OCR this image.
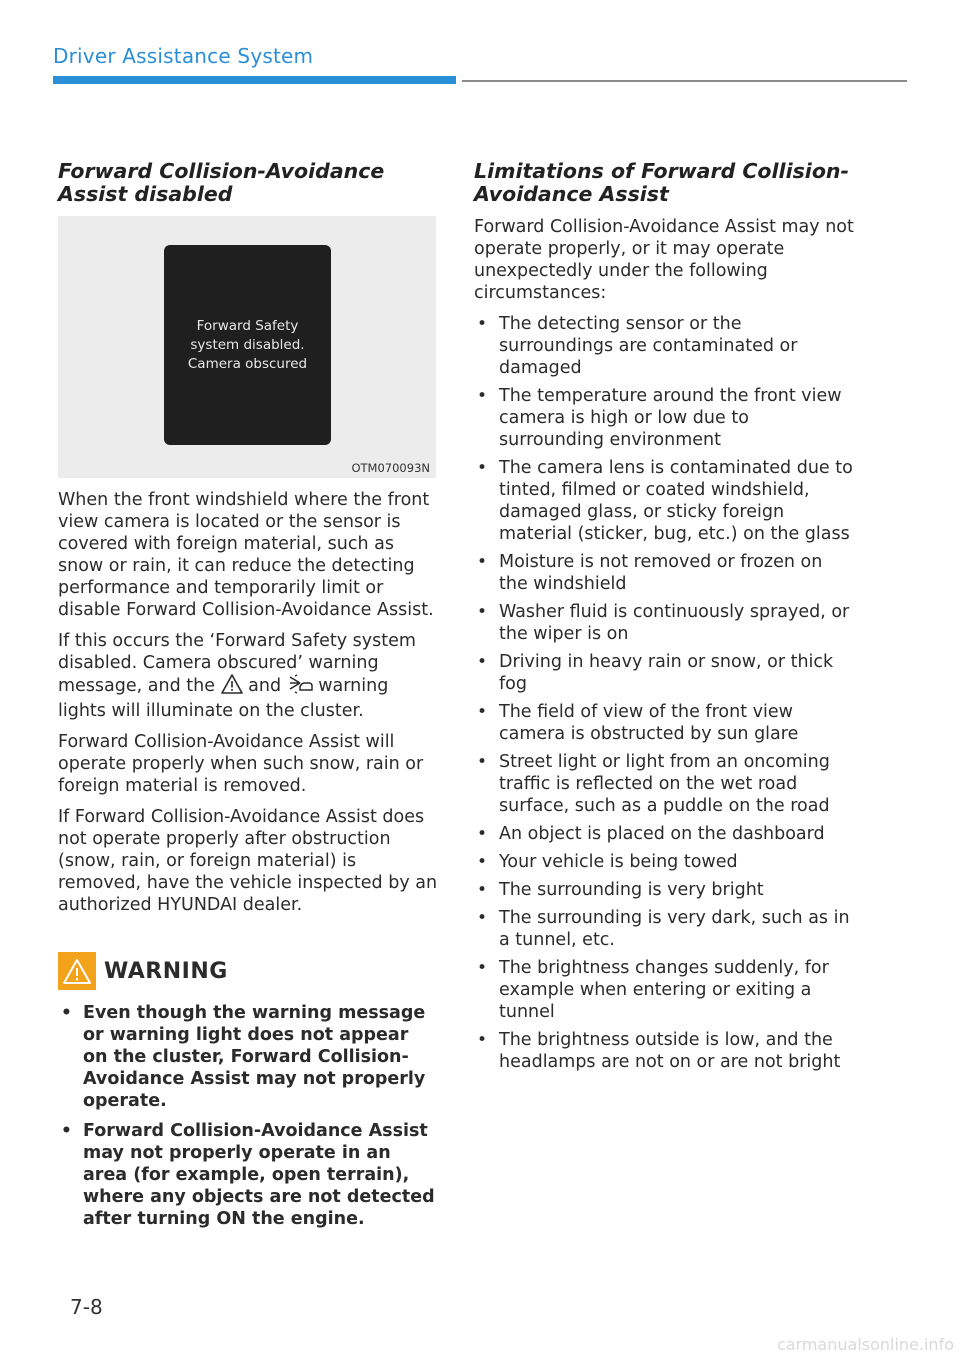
Driver Assistance System
Forward Collision-Avoidance Assist disabled
Forward Safety
system disabled.
Camera obscured
OTM070093N

When the front windshield where the front view camera is located or the sensor is covered with foreign material, such as snow or rain, it can reduce the detecting performance and temporarily limit or disable Forward Collision-Avoidance Assist.

If this occurs the ‘Forward Safety system disabled. Camera obscured’ warning message, and the and warning lights will illuminate on the cluster.

Forward Collision-Avoidance Assist will operate properly when such snow, rain or foreign material is removed.

If Forward Collision-Avoidance Assist does not operate properly after obstruction (snow, rain, or foreign material) is removed, have the vehicle inspected by an authorized HYUNDAI dealer.

WARNING
• Even though the warning message or warning light does not appear on the cluster, Forward Collision-Avoidance Assist may not properly operate.
• Forward Collision-Avoidance Assist may not properly operate in an area (for example, open terrain), where any objects are not detected after turning ON the engine.
Limitations of Forward Collision-Avoidance Assist

Forward Collision-Avoidance Assist may not operate properly, or it may operate unexpectedly under the following circumstances:

• The detecting sensor or the surroundings are contaminated or damaged
• The temperature around the front view camera is high or low due to surrounding environment
• The camera lens is contaminated due to tinted, filmed or coated windshield, damaged glass, or sticky foreign material (sticker, bug, etc.) on the glass
• Moisture is not removed or frozen on the windshield
• Washer fluid is continuously sprayed, or the wiper is on
• Driving in heavy rain or snow, or thick fog
• The field of view of the front view camera is obstructed by sun glare
• Street light or light from an oncoming traffic is reflected on the wet road surface, such as a puddle on the road
• An object is placed on the dashboard
• Your vehicle is being towed
• The surrounding is very bright
• The surrounding is very dark, such as in a tunnel, etc.
• The brightness changes suddenly, for example when entering or exiting a tunnel
• The brightness outside is low, and the headlamps are not on or are not bright
7-8
carmanualsonline.info
